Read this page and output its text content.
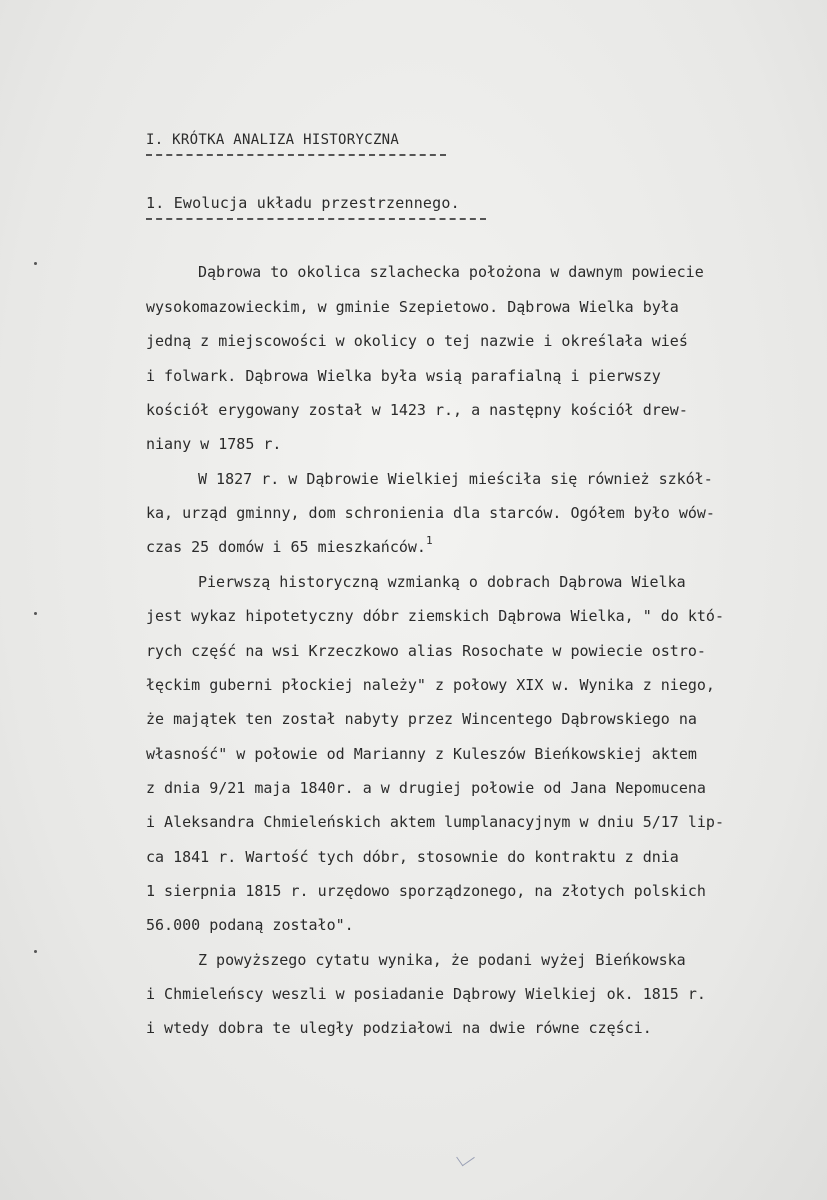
I. KRÓTKA ANALIZA HISTORYCZNA
1. Ewolucja układu przestrzennego.
Dąbrowa to okolica szlachecka położona w dawnym powiecie
wysokomazowieckim, w gminie Szepietowo. Dąbrowa Wielka była
jedną z miejscowości w okolicy o tej nazwie i określała wieś
i folwark. Dąbrowa Wielka była wsią parafialną i pierwszy
kościół erygowany został w 1423 r., a następny kościół drew-
niany w 1785 r.
W 1827 r. w Dąbrowie Wielkiej mieściła się również szkół-
ka, urząd gminny, dom schronienia dla starców. Ogółem było wów-
czas 25 domów i 65 mieszkańców.$^1$
Pierwszą historyczną wzmianką o dobrach Dąbrowa Wielka
jest wykaz hipotetyczny dóbr ziemskich Dąbrowa Wielka, " do któ-
rych część na wsi Krzeczkowo alias Rosochate w powiecie ostro-
łęckim guberni płockiej należy" z połowy XIX w. Wynika z niego,
że majątek ten został nabyty przez Wincentego Dąbrowskiego na
własność" w połowie od Marianny z Kuleszów Bieńkowskiej aktem
z dnia 9/21 maja 1840r. a w drugiej połowie od Jana Nepomucena
i Aleksandra Chmieleńskich aktem lumplanacyjnym w dniu 5/17 lip-
ca 1841 r. Wartość tych dóbr, stosownie do kontraktu z dnia
1 sierpnia 1815 r. urzędowo sporządzonego, na złotych polskich
56.000 podaną zostało".
Z powyższego cytatu wynika, że podani wyżej Bieńkowska
i Chmieleńscy weszli w posiadanie Dąbrowy Wielkiej ok. 1815 r.
i wtedy dobra te uległy podziałowi na dwie równe części.
